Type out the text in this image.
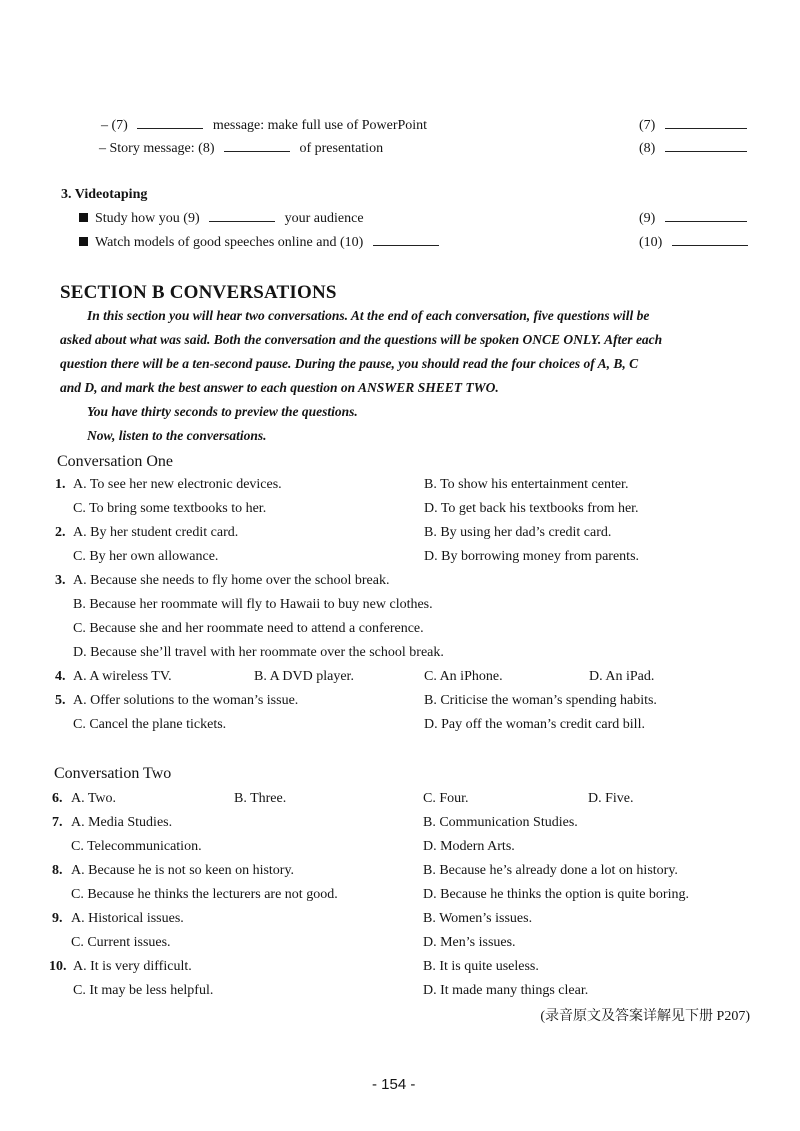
– (7)	message: make full use of PowerPoint	(7)
– Story message: (8)	of presentation	(8)
3. Videotaping
Study how you (9)	your audience	(9)
Watch models of good speeches online and (10)	(10)
SECTION B CONVERSATIONS
In this section you will hear two conversations. At the end of each conversation, five questions will be
asked about what was said. Both the conversation and the questions will be spoken ONCE ONLY. After each
question there will be a ten-second pause. During the pause, you should read the four choices of A, B, C
and D, and mark the best answer to each question on ANSWER SHEET TWO.
You have thirty seconds to preview the questions.
Now, listen to the conversations.
Conversation One
1. A. To see her new electronic devices.	B. To show his entertainment center.
C. To bring some textbooks to her.	D. To get back his textbooks from her.
2. A. By her student credit card.	B. By using her dad’s credit card.
C. By her own allowance.	D. By borrowing money from parents.
3. A. Because she needs to fly home over the school break.
B. Because her roommate will fly to Hawaii to buy new clothes.
C. Because she and her roommate need to attend a conference.
D. Because she’ll travel with her roommate over the school break.
4. A. A wireless TV.	B. A DVD player.	C. An iPhone.	D. An iPad.
5. A. Offer solutions to the woman’s issue.	B. Criticise the woman’s spending habits.
C. Cancel the plane tickets.	D. Pay off the woman’s credit card bill.
Conversation Two
6. A. Two.	B. Three.	C. Four.	D. Five.
7. A. Media Studies.	B. Communication Studies.
C. Telecommunication.	D. Modern Arts.
8. A. Because he is not so keen on history.	B. Because he’s already done a lot on history.
C. Because he thinks the lecturers are not good.	D. Because he thinks the option is quite boring.
9. A. Historical issues.	B. Women’s issues.
C. Current issues.	D. Men’s issues.
10. A. It is very difficult.	B. It is quite useless.
C. It may be less helpful.	D. It made many things clear.
(录音原文及答案详解见下册 P207)
- 154 -
